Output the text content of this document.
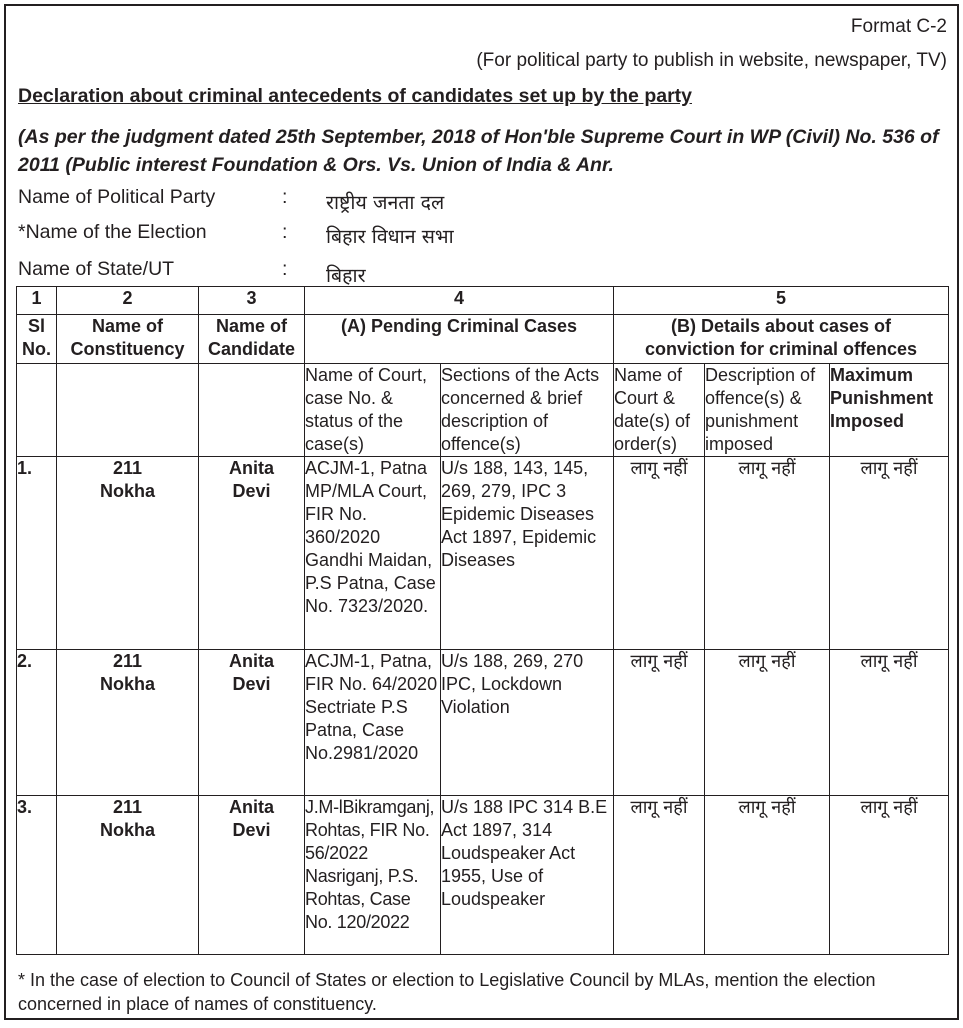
Format C-2
(For political party to publish in website, newspaper, TV)
Declaration about criminal antecedents of candidates set up by the party
(As per the judgment dated 25th September, 2018 of Hon'ble Supreme Court in WP (Civil) No. 536 of 2011 (Public interest Foundation & Ors. Vs. Union of India & Anr.
Name of Political Party	: राष्ट्रीय जनता दल
*Name of the Election	: बिहार विधान सभा
Name of State/UT	: बिहार
1	2	3	4		5		
Sl No.	Name of Constituency	Name of Candidate	(A) Pending Criminal Cases		(B) Details about cases of conviction for criminal offences		
			Name of Court, case No. & status of the case(s)	Sections of the Acts concerned & brief description of offence(s)	Name of Court & date(s) of order(s)	Description of offence(s) & punishment imposed	Maximum Punishment Imposed
1.	211 Nokha	Anita Devi	ACJM-1, Patna MP/MLA Court, FIR No. 360/2020 Gandhi Maidan, P.S Patna, Case No. 7323/2020.	U/s 188, 143, 145, 269, 279, IPC 3 Epidemic Diseases Act 1897, Epidemic Diseases	लागू नहीं	लागू नहीं	लागू नहीं
2.	211 Nokha	Anita Devi	ACJM-1, Patna, FIR No. 64/2020 Sectriate P.S Patna, Case No.2981/2020	U/s 188, 269, 270 IPC, Lockdown Violation	लागू नहीं	लागू नहीं	लागू नहीं
3.	211 Nokha	Anita Devi	J.M-lBikramganj, Rohtas, FIR No. 56/2022 Nasriganj, P.S. Rohtas, Case No. 120/2022	U/s 188 IPC 314 B.E Act 1897, 314 Loudspeaker Act 1955, Use of Loudspeaker	लागू नहीं	लागू नहीं	लागू नहीं
* In the case of election to Council of States or election to Legislative Council by MLAs, mention the election concerned in place of names of constituency.
